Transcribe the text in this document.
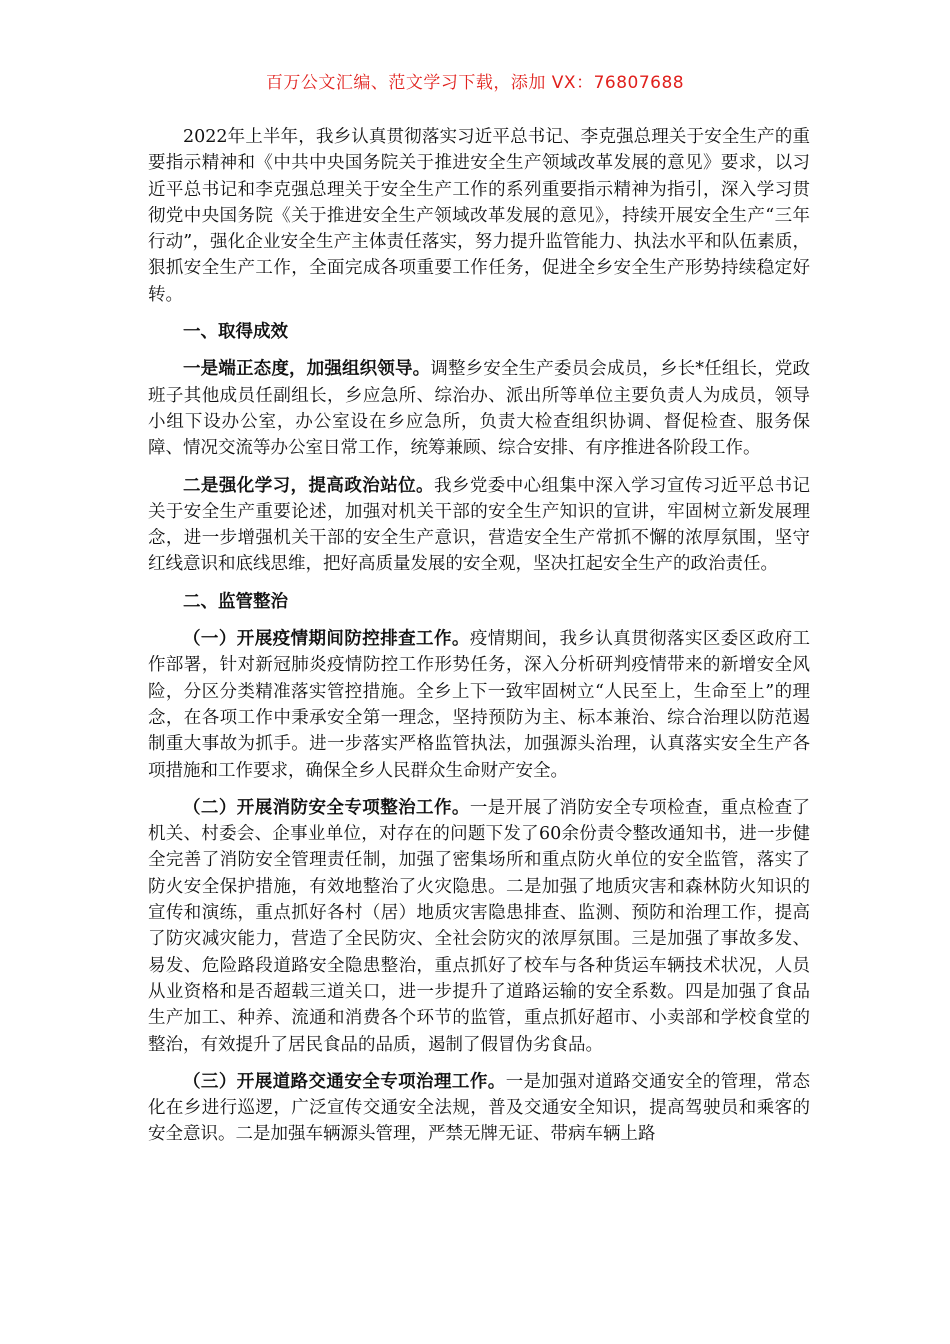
百万公文汇编、范文学习下载，添加 VX：76807688

2022年上半年，我乡认真贯彻落实习近平总书记、李克强总理关于安全生产的重要指示精神和《中共中央国务院关于推进安全生产领域改革发展的意见》要求，以习近平总书记和李克强总理关于安全生产工作的系列重要指示精神为指引，深入学习贯彻党中央国务院《关于推进安全生产领域改革发展的意见》，持续开展安全生产“三年行动”，强化企业安全生产主体责任落实，努力提升监管能力、执法水平和队伍素质，狠抓安全生产工作，全面完成各项重要工作任务，促进全乡安全生产形势持续稳定好转。

一、取得成效

一是端正态度，加强组织领导。调整乡安全生产委员会成员，乡长*任组长，党政班子其他成员任副组长，乡应急所、综治办、派出所等单位主要负责人为成员，领导小组下设办公室，办公室设在乡应急所，负责大检查组织协调、督促检查、服务保障、情况交流等办公室日常工作，统筹兼顾、综合安排、有序推进各阶段工作。

二是强化学习，提高政治站位。我乡党委中心组集中深入学习宣传习近平总书记关于安全生产重要论述，加强对机关干部的安全生产知识的宣讲，牢固树立新发展理念，进一步增强机关干部的安全生产意识，营造安全生产常抓不懈的浓厚氛围，坚守红线意识和底线思维，把好高质量发展的安全观，坚决扛起安全生产的政治责任。

二、监管整治

（一）开展疫情期间防控排查工作。疫情期间，我乡认真贯彻落实区委区政府工作部署，针对新冠肺炎疫情防控工作形势任务，深入分析研判疫情带来的新增安全风险，分区分类精准落实管控措施。全乡上下一致牢固树立“人民至上，生命至上”的理念，在各项工作中秉承安全第一理念，坚持预防为主、标本兼治、综合治理以防范遏制重大事故为抓手。进一步落实严格监管执法，加强源头治理，认真落实安全生产各项措施和工作要求，确保全乡人民群众生命财产安全。

（二）开展消防安全专项整治工作。一是开展了消防安全专项检查，重点检查了机关、村委会、企事业单位，对存在的问题下发了60余份责令整改通知书，进一步健全完善了消防安全管理责任制，加强了密集场所和重点防火单位的安全监管，落实了防火安全保护措施，有效地整治了火灾隐患。二是加强了地质灾害和森林防火知识的宣传和演练，重点抓好各村（居）地质灾害隐患排查、监测、预防和治理工作，提高了防灾减灾能力，营造了全民防灾、全社会防灾的浓厚氛围。三是加强了事故多发、易发、危险路段道路安全隐患整治，重点抓好了校车与各种货运车辆技术状况，人员从业资格和是否超载三道关口，进一步提升了道路运输的安全系数。四是加强了食品生产加工、种养、流通和消费各个环节的监管，重点抓好超市、小卖部和学校食堂的整治，有效提升了居民食品的品质，遏制了假冒伪劣食品。

（三）开展道路交通安全专项治理工作。一是加强对道路交通安全的管理，常态化在乡进行巡逻，广泛宣传交通安全法规，普及交通安全知识，提高驾驶员和乘客的安全意识。二是加强车辆源头管理，严禁无牌无证、带病车辆上路
